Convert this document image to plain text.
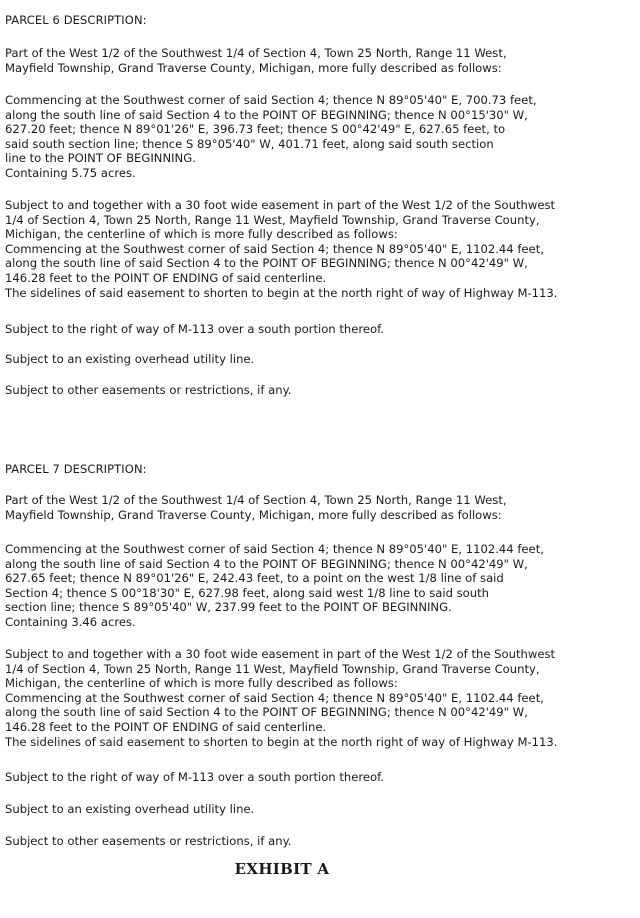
PARCEL 6 DESCRIPTION:
Part of the West 1/2 of the Southwest 1/4 of Section 4, Town 25 North, Range 11 West,
Mayfield Township, Grand Traverse County, Michigan, more fully described as follows:
Commencing at the Southwest corner of said Section 4; thence N 89°05'40" E, 700.73 feet,
along the south line of said Section 4 to the POINT OF BEGINNING; thence N 00°15'30" W,
627.20 feet; thence N 89°01'26" E, 396.73 feet; thence S 00°42'49" E, 627.65 feet, to
said south section line; thence S 89°05'40" W, 401.71 feet, along said south section
line to the POINT OF BEGINNING.
Containing 5.75 acres.
Subject to and together with a 30 foot wide easement in part of the West 1/2 of the Southwest
1/4 of Section 4, Town 25 North, Range 11 West, Mayfield Township, Grand Traverse County,
Michigan, the centerline of which is more fully described as follows:
Commencing at the Southwest corner of said Section 4; thence N 89°05'40" E, 1102.44 feet,
along the south line of said Section 4 to the POINT OF BEGINNING; thence N 00°42'49" W,
146.28 feet to the POINT OF ENDING of said centerline.
The sidelines of said easement to shorten to begin at the north right of way of Highway M-113.
Subject to the right of way of M-113 over a south portion thereof.
Subject to an existing overhead utility line.
Subject to other easements or restrictions, if any.
PARCEL 7 DESCRIPTION:
Part of the West 1/2 of the Southwest 1/4 of Section 4, Town 25 North, Range 11 West,
Mayfield Township, Grand Traverse County, Michigan, more fully described as follows:
Commencing at the Southwest corner of said Section 4; thence N 89°05'40" E, 1102.44 feet,
along the south line of said Section 4 to the POINT OF BEGINNING; thence N 00°42'49" W,
627.65 feet; thence N 89°01'26" E, 242.43 feet, to a point on the west 1/8 line of said
Section 4; thence S 00°18'30" E, 627.98 feet, along said west 1/8 line to said south
section line; thence S 89°05'40" W, 237.99 feet to the POINT OF BEGINNING.
Containing 3.46 acres.
Subject to and together with a 30 foot wide easement in part of the West 1/2 of the Southwest
1/4 of Section 4, Town 25 North, Range 11 West, Mayfield Township, Grand Traverse County,
Michigan, the centerline of which is more fully described as follows:
Commencing at the Southwest corner of said Section 4; thence N 89°05'40" E, 1102.44 feet,
along the south line of said Section 4 to the POINT OF BEGINNING; thence N 00°42'49" W,
146.28 feet to the POINT OF ENDING of said centerline.
The sidelines of said easement to shorten to begin at the north right of way of Highway M-113.
Subject to the right of way of M-113 over a south portion thereof.
Subject to an existing overhead utility line.
Subject to other easements or restrictions, if any.
EXHIBIT A
